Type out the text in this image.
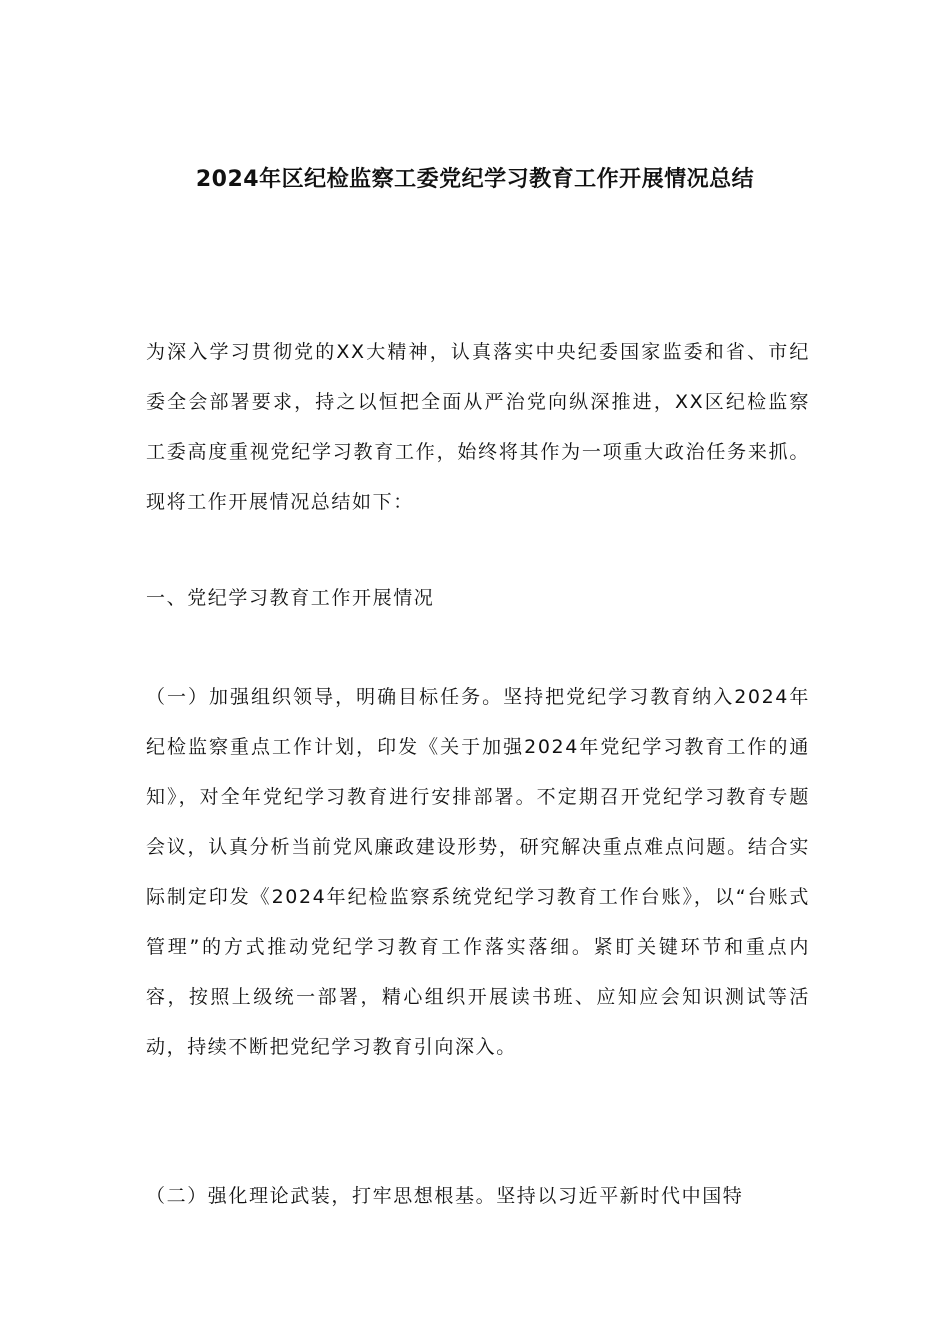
2024年区纪检监察工委党纪学习教育工作开展情况总结

为深入学习贯彻党的XX大精神，认真落实中央纪委国家监委和省、市纪委全会部署要求，持之以恒把全面从严治党向纵深推进，XX区纪检监察工委高度重视党纪学习教育工作，始终将其作为一项重大政治任务来抓。现将工作开展情况总结如下：

一、党纪学习教育工作开展情况

（一）加强组织领导，明确目标任务。坚持把党纪学习教育纳入2024年纪检监察重点工作计划，印发《关于加强2024年党纪学习教育工作的通知》，对全年党纪学习教育进行安排部署。不定期召开党纪学习教育专题会议，认真分析当前党风廉政建设形势，研究解决重点难点问题。结合实际制定印发《2024年纪检监察系统党纪学习教育工作台账》，以“台账式管理”的方式推动党纪学习教育工作落实落细。紧盯关键环节和重点内容，按照上级统一部署，精心组织开展读书班、应知应会知识测试等活动，持续不断把党纪学习教育引向深入。

（二）强化理论武装，打牢思想根基。坚持以习近平新时代中国特
